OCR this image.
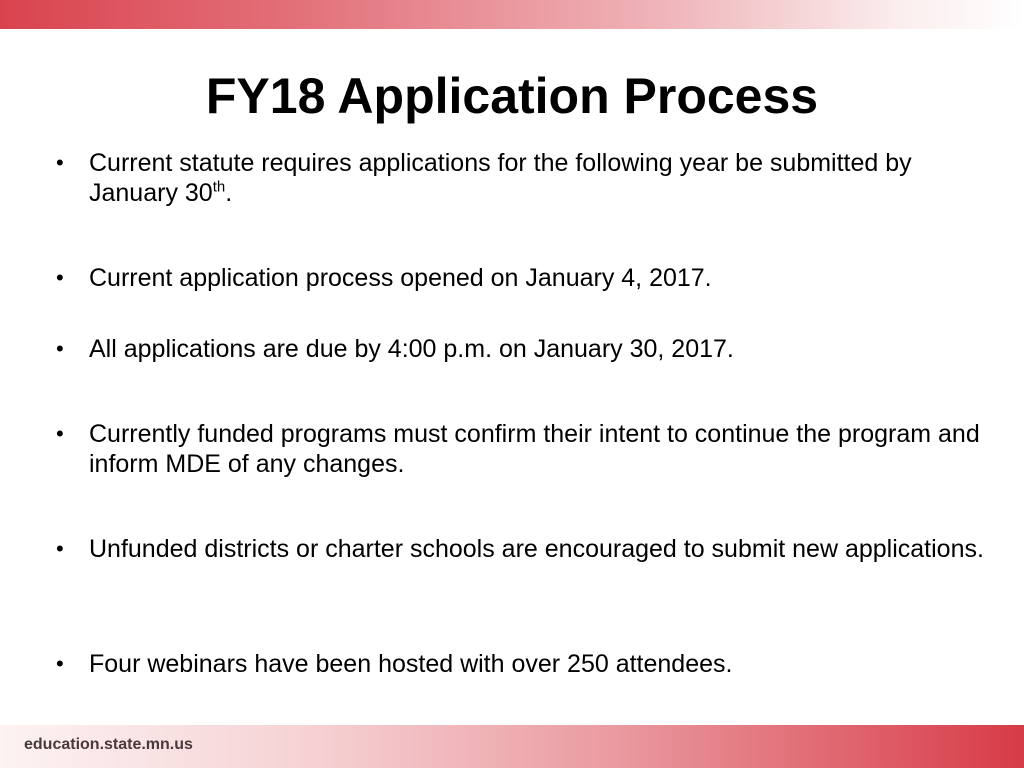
FY18 Application Process
• Current statute requires applications for the following year be submitted by January 30th.
• Current application process opened on January 4, 2017.
• All applications are due by 4:00 p.m. on January 30, 2017.
• Currently funded programs must confirm their intent to continue the program and inform MDE of any changes.
• Unfunded districts or charter schools are encouraged to submit new applications.
• Four webinars have been hosted with over 250 attendees.
education.state.mn.us
